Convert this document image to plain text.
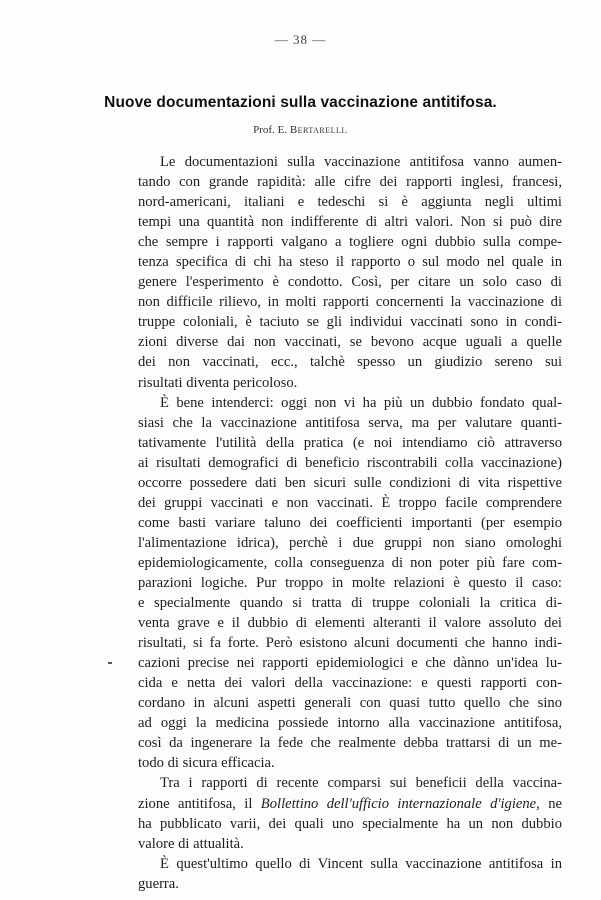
— 38 —
Nuove documentazioni sulla vaccinazione antitifosa.
Prof. E. Bertarelli.
Le documentazioni sulla vaccinazione antitifosa vanno aumen-
tando con grande rapidità: alle cifre dei rapporti inglesi, francesi,
nord-americani, italiani e tedeschi si è aggiunta negli ultimi
tempi una quantità non indifferente di altri valori. Non si può dire
che sempre i rapporti valgano a togliere ogni dubbio sulla compe-
tenza specifica di chi ha steso il rapporto o sul modo nel quale in
genere l'esperimento è condotto. Così, per citare un solo caso di
non difficile rilievo, in molti rapporti concernenti la vaccinazione di
truppe coloniali, è taciuto se gli individui vaccinati sono in condi-
zioni diverse dai non vaccinati, se bevono acque uguali a quelle
dei non vaccinati, ecc., talchè spesso un giudizio sereno sui
risultati diventa pericoloso.
È bene intenderci: oggi non vi ha più un dubbio fondato qual-
siasi che la vaccinazione antitifosa serva, ma per valutare quanti-
tativamente l'utilità della pratica (e noi intendiamo ciò attraverso
ai risultati demografici di beneficio riscontrabili colla vaccinazione)
occorre possedere dati ben sicuri sulle condizioni di vita rispettive
dei gruppi vaccinati e non vaccinati. È troppo facile comprendere
come basti variare taluno dei coefficienti importanti (per esempio
l'alimentazione idrica), perchè i due gruppi non siano omologhi
epidemiologicamente, colla conseguenza di non poter più fare com-
parazioni logiche. Pur troppo in molte relazioni è questo il caso:
e specialmente quando si tratta di truppe coloniali la critica di-
venta grave e il dubbio di elementi alteranti il valore assoluto dei
risultati, si fa forte. Però esistono alcuni documenti che hanno indi-
cazioni precise nei rapporti epidemiologici e che dànno un'idea lu-
cida e netta dei valori della vaccinazione: e questi rapporti con-
cordano in alcuni aspetti generali con quasi tutto quello che sino
ad oggi la medicina possiede intorno alla vaccinazione antitifosa,
così da ingenerare la fede che realmente debba trattarsi di un me-
todo di sicura efficacia.
Tra i rapporti di recente comparsi sui beneficii della vaccina-
zione antitifosa, il Bollettino dell'ufficio internazionale d'igiene, ne
ha pubblicato varii, dei quali uno specialmente ha un non dubbio
valore di attualità.
È quest'ultimo quello di Vincent sulla vaccinazione antitifosa in
guerra.
